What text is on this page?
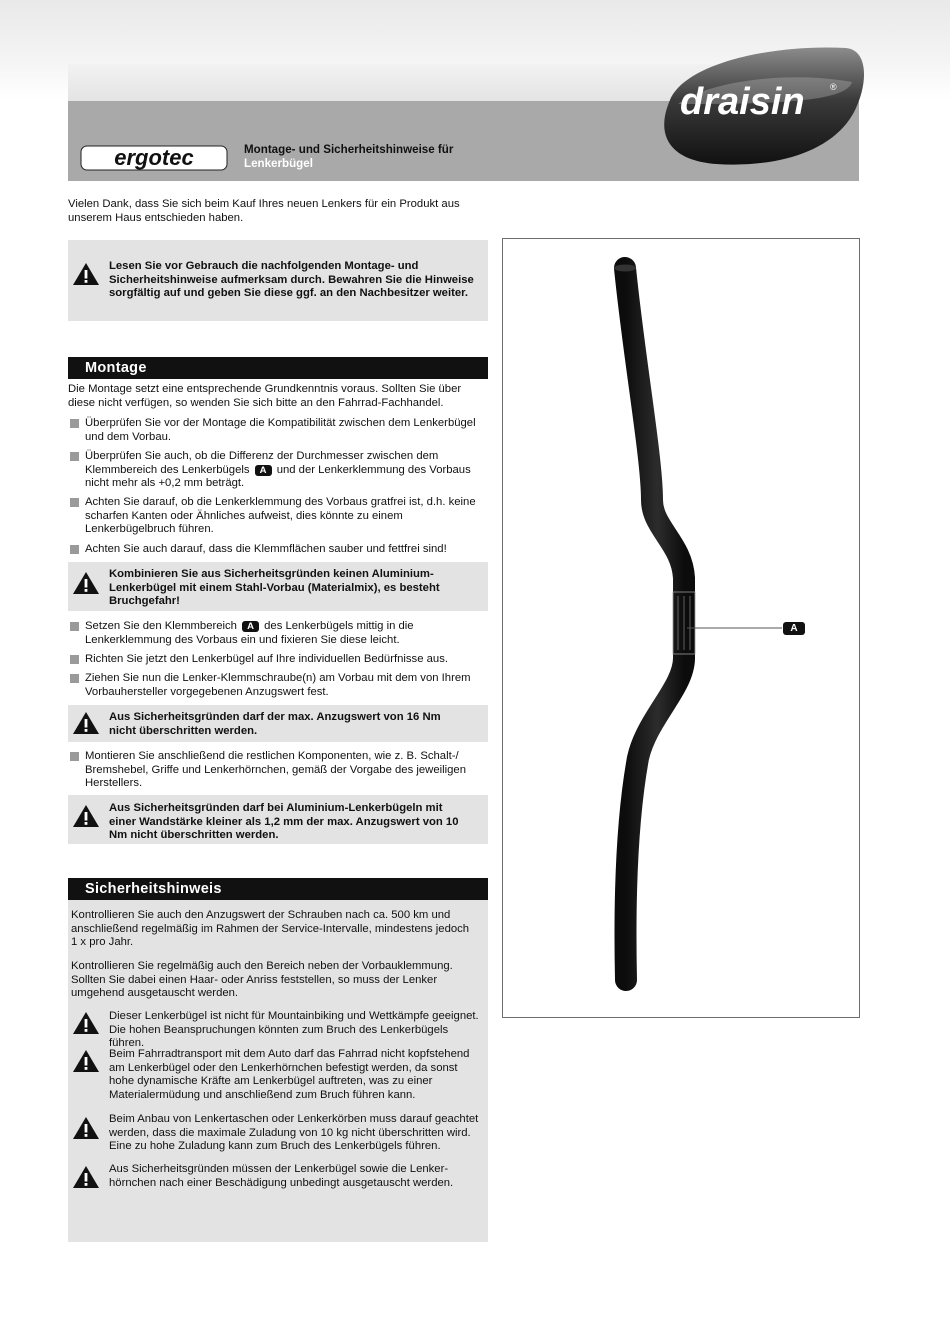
ergotec	Montage- und Sicherheitshinweise für
Lenkerbügel
draisin	®
Vielen Dank, dass Sie sich beim Kauf Ihres neuen Lenkers für ein Produkt aus unserem Haus entschieden haben.
Lesen Sie vor Gebrauch die nachfolgenden Montage- und Sicherheitshinweise aufmerksam durch. Bewahren Sie die Hinweise sorgfältig auf und geben Sie diese ggf. an den Nachbesitzer weiter.
Montage
Die Montage setzt eine entsprechende Grundkenntnis voraus. Sollten Sie über diese nicht verfügen, so wenden Sie sich bitte an den Fahrrad-Fachhandel.
Überprüfen Sie vor der Montage die Kompatibilität zwischen dem Lenkerbügel und dem Vorbau.
Überprüfen Sie auch, ob die Differenz der Durchmesser zwischen dem Klemmbereich des Lenkerbügels A und der Lenkerklemmung des Vorbaus nicht mehr als +0,2 mm beträgt.
Achten Sie darauf, ob die Lenkerklemmung des Vorbaus gratfrei ist, d.h. keine scharfen Kanten oder Ähnliches aufweist, dies könnte zu einem Lenkerbügelbruch führen.
Achten Sie auch darauf, dass die Klemmflächen sauber und fettfrei sind!
Kombinieren Sie aus Sicherheitsgründen keinen Aluminium-Lenkerbügel mit einem Stahl-Vorbau (Materialmix), es besteht Bruchgefahr!
Setzen Sie den Klemmbereich A des Lenkerbügels mittig in die Lenkerklemmung des Vorbaus ein und fixieren Sie diese leicht.
Richten Sie jetzt den Lenkerbügel auf Ihre individuellen Bedürfnisse aus.
Ziehen Sie nun die Lenker-Klemmschraube(n) am Vorbau mit dem von Ihrem Vorbauhersteller vorgegebenen Anzugswert fest.
Aus Sicherheitsgründen darf der max. Anzugswert von 16 Nm nicht überschritten werden.
Montieren Sie anschließend die restlichen Komponenten, wie z. B. Schalt-/ Bremshebel, Griffe und Lenkerhörnchen, gemäß der Vorgabe des jeweiligen Herstellers.
Aus Sicherheitsgründen darf bei Aluminium-Lenkerbügeln mit einer Wandstärke kleiner als 1,2 mm der max. Anzugswert von 10 Nm nicht überschritten werden.
Sicherheitshinweis
Kontrollieren Sie auch den Anzugswert der Schrauben nach ca. 500 km und anschließend regelmäßig im Rahmen der Service-Intervalle, mindestens jedoch 1 x pro Jahr.
Kontrollieren Sie regelmäßig auch den Bereich neben der Vorbauklemmung. Sollten Sie dabei einen Haar- oder Anriss feststellen, so muss der Lenker umgehend ausgetauscht werden.
Dieser Lenkerbügel ist nicht für Mountainbiking und Wettkämpfe geeignet. Die hohen Beanspruchungen könnten zum Bruch des Lenkerbügels führen.
Beim Fahrradtransport mit dem Auto darf das Fahrrad nicht kopfstehend am Lenkerbügel oder den Lenkerhörnchen befestigt werden, da sonst hohe dynamische Kräfte am Lenkerbügel auftreten, was zu einer Materialermüdung und anschließend zum Bruch führen kann.
Beim Anbau von Lenkertaschen oder Lenkerkörben muss darauf geachtet werden, dass die maximale Zuladung von 10 kg nicht überschritten wird. Eine zu hohe Zuladung kann zum Bruch des Lenkerbügels führen.
Aus Sicherheitsgründen müssen der Lenkerbügel sowie die Lenker-hörnchen nach einer Beschädigung unbedingt ausgetauscht werden.
A
